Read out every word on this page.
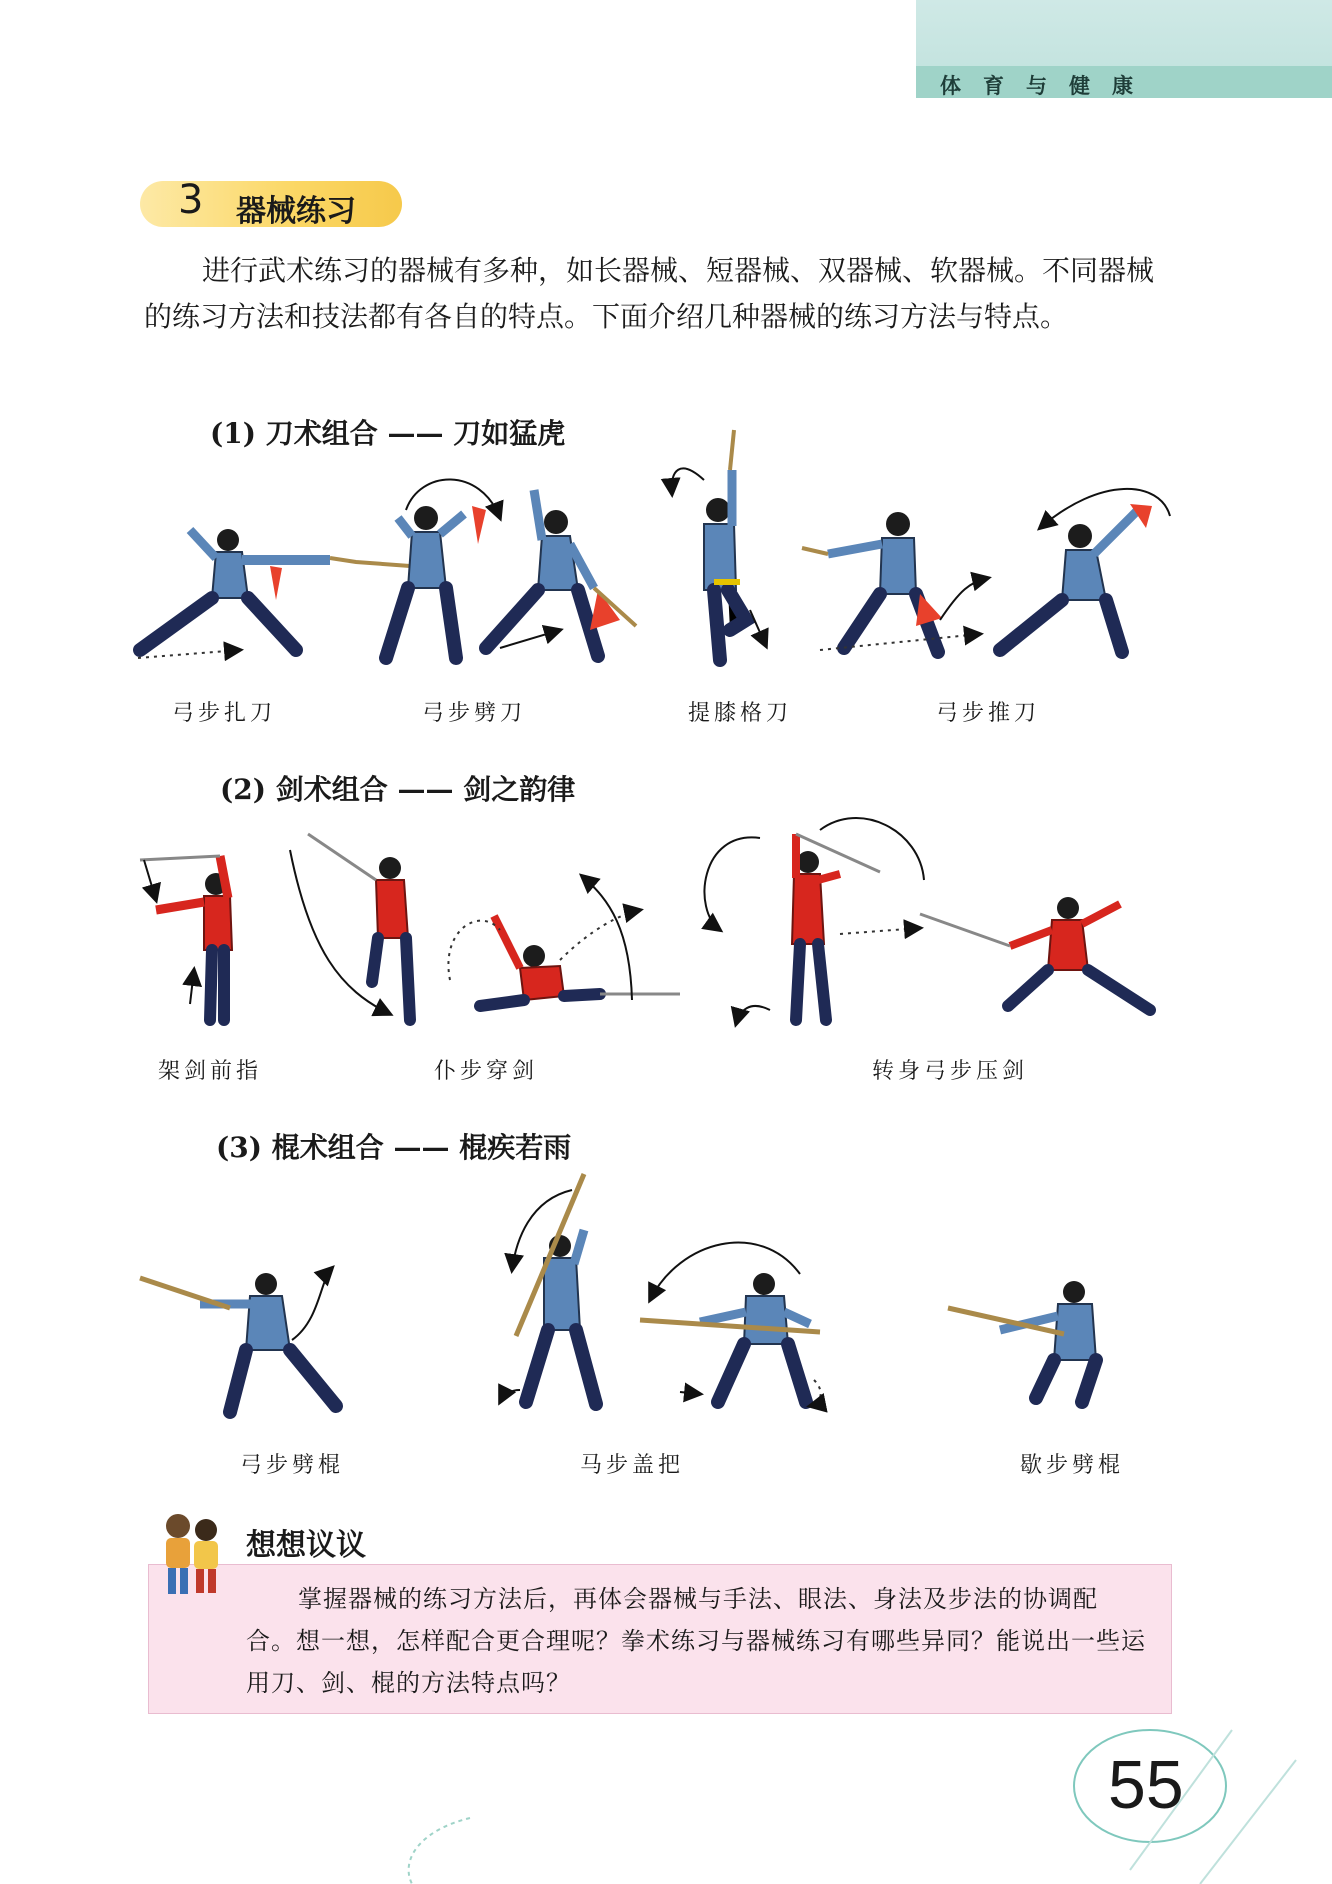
体育与健康
3 器械练习
进行武术练习的器械有多种，如长器械、短器械、双器械、软器械。不同器械的练习方法和技法都有各自的特点。下面介绍几种器械的练习方法与特点。
(1) 刀术组合 —— 刀如猛虎
弓步扎刀	弓步劈刀	提膝格刀	弓步推刀
(2) 剑术组合 —— 剑之韵律
架剑前指	仆步穿剑	转身弓步压剑
(3) 棍术组合 —— 棍疾若雨
弓步劈棍	马步盖把	歇步劈棍
想想议议
掌握器械的练习方法后，再体会器械与手法、眼法、身法及步法的协调配合。想一想，怎样配合更合理呢？拳术练习与器械练习有哪些异同？能说出一些运用刀、剑、棍的方法特点吗？
55
